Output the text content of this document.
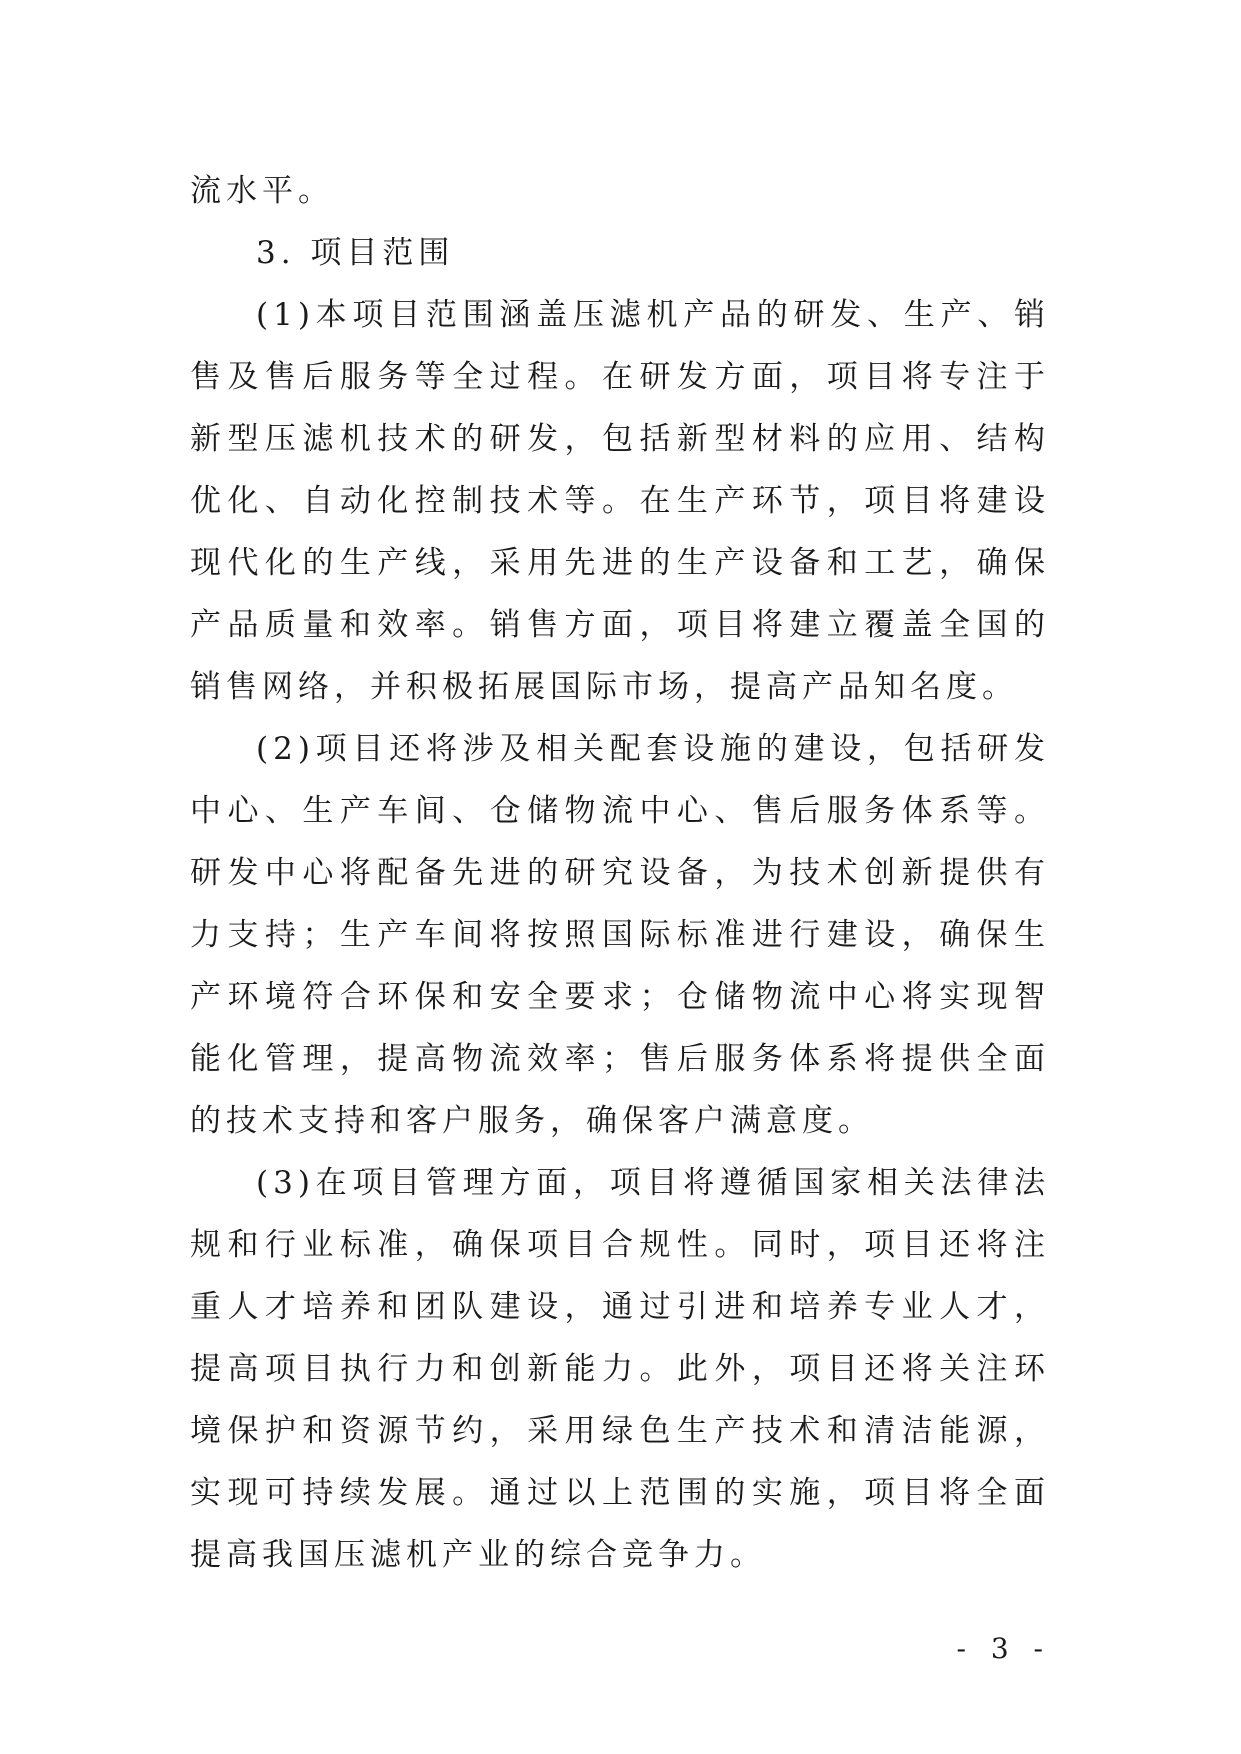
流水平。

3. 项目范围

(1)本项目范围涵盖压滤机产品的研发、生产、销售及售后服务等全过程。在研发方面，项目将专注于新型压滤机技术的研发，包括新型材料的应用、结构优化、自动化控制技术等。在生产环节，项目将建设现代化的生产线，采用先进的生产设备和工艺，确保产品质量和效率。销售方面，项目将建立覆盖全国的销售网络，并积极拓展国际市场，提高产品知名度。

(2)项目还将涉及相关配套设施的建设，包括研发中心、生产车间、仓储物流中心、售后服务体系等。研发中心将配备先进的研究设备，为技术创新提供有力支持；生产车间将按照国际标准进行建设，确保生产环境符合环保和安全要求；仓储物流中心将实现智能化管理，提高物流效率；售后服务体系将提供全面的技术支持和客户服务，确保客户满意度。

(3)在项目管理方面，项目将遵循国家相关法律法规和行业标准，确保项目合规性。同时，项目还将注重人才培养和团队建设，通过引进和培养专业人才，提高项目执行力和创新能力。此外，项目还将关注环境保护和资源节约，采用绿色生产技术和清洁能源，实现可持续发展。通过以上范围的实施，项目将全面提高我国压滤机产业的综合竞争力。

- 3 -
